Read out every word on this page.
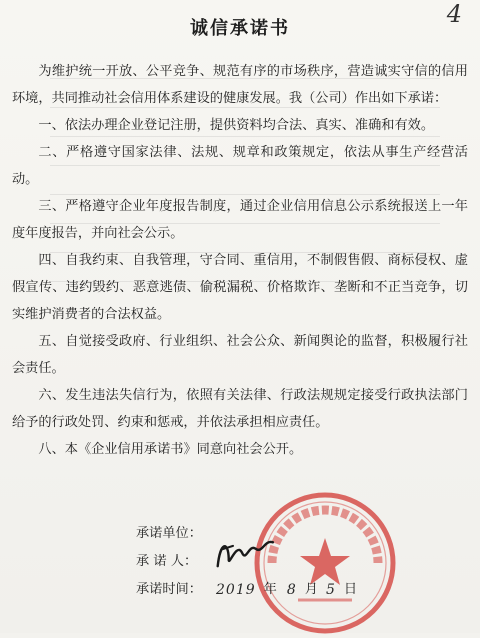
4
诚信承诺书

为维护统一开放、公平竞争、规范有序的市场秩序，营造诚实守信的信用环境，共同推动社会信用体系建设的健康发展。我（公司）作出如下承诺：

一、依法办理企业登记注册，提供资料均合法、真实、准确和有效。

二、严格遵守国家法律、法规、规章和政策规定，依法从事生产经营活动。

三、严格遵守企业年度报告制度，通过企业信用信息公示系统报送上一年度年度报告，并向社会公示。

四、自我约束、自我管理，守合同、重信用，不制假售假、商标侵权、虚假宣传、违约毁约、恶意逃债、偷税漏税、价格欺诈、垄断和不正当竞争，切实维护消费者的合法权益。

五、自觉接受政府、行业组织、社会公众、新闻舆论的监督，积极履行社会责任。

六、发生违法失信行为，依照有关法律、行政法规规定接受行政执法部门给予的行政处罚、约束和惩戒，并依法承担相应责任。

八、本《企业信用承诺书》同意向社会公开。

承诺单位：
承 诺 人：
承诺时间：	2019 年 8 月 5 日
